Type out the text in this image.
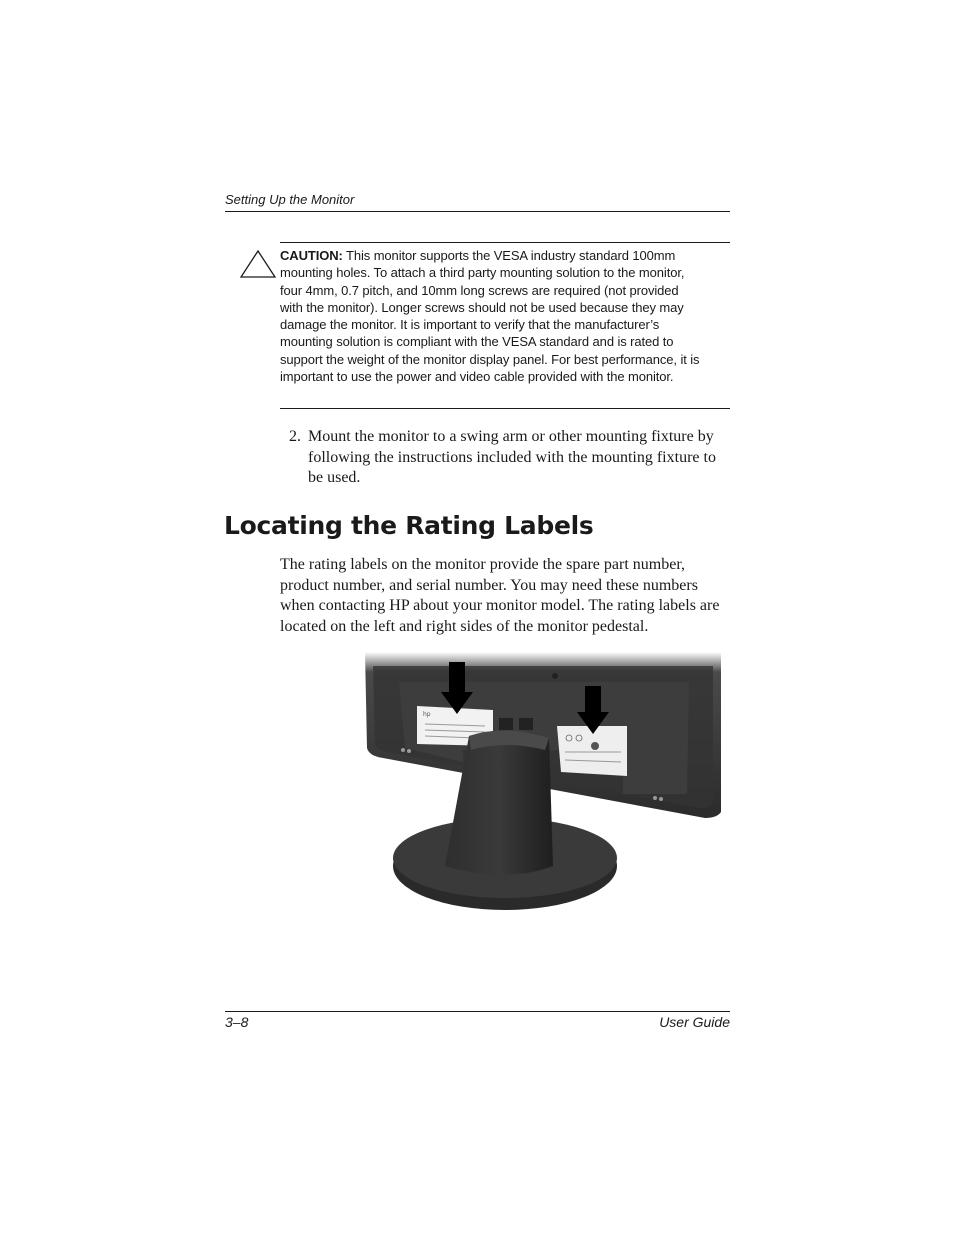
Setting Up the Monitor
CAUTION: This monitor supports the VESA industry standard 100mm mounting holes. To attach a third party mounting solution to the monitor, four 4mm, 0.7 pitch, and 10mm long screws are required (not provided with the monitor). Longer screws should not be used because they may damage the monitor. It is important to verify that the manufacturer’s mounting solution is compliant with the VESA standard and is rated to support the weight of the monitor display panel. For best performance, it is important to use the power and video cable provided with the monitor.
2. Mount the monitor to a swing arm or other mounting fixture by following the instructions included with the mounting fixture to be used.
Locating the Rating Labels
The rating labels on the monitor provide the spare part number, product number, and serial number. You may need these numbers when contacting HP about your monitor model. The rating labels are located on the left and right sides of the monitor pedestal.
hp
3–8	User Guide
